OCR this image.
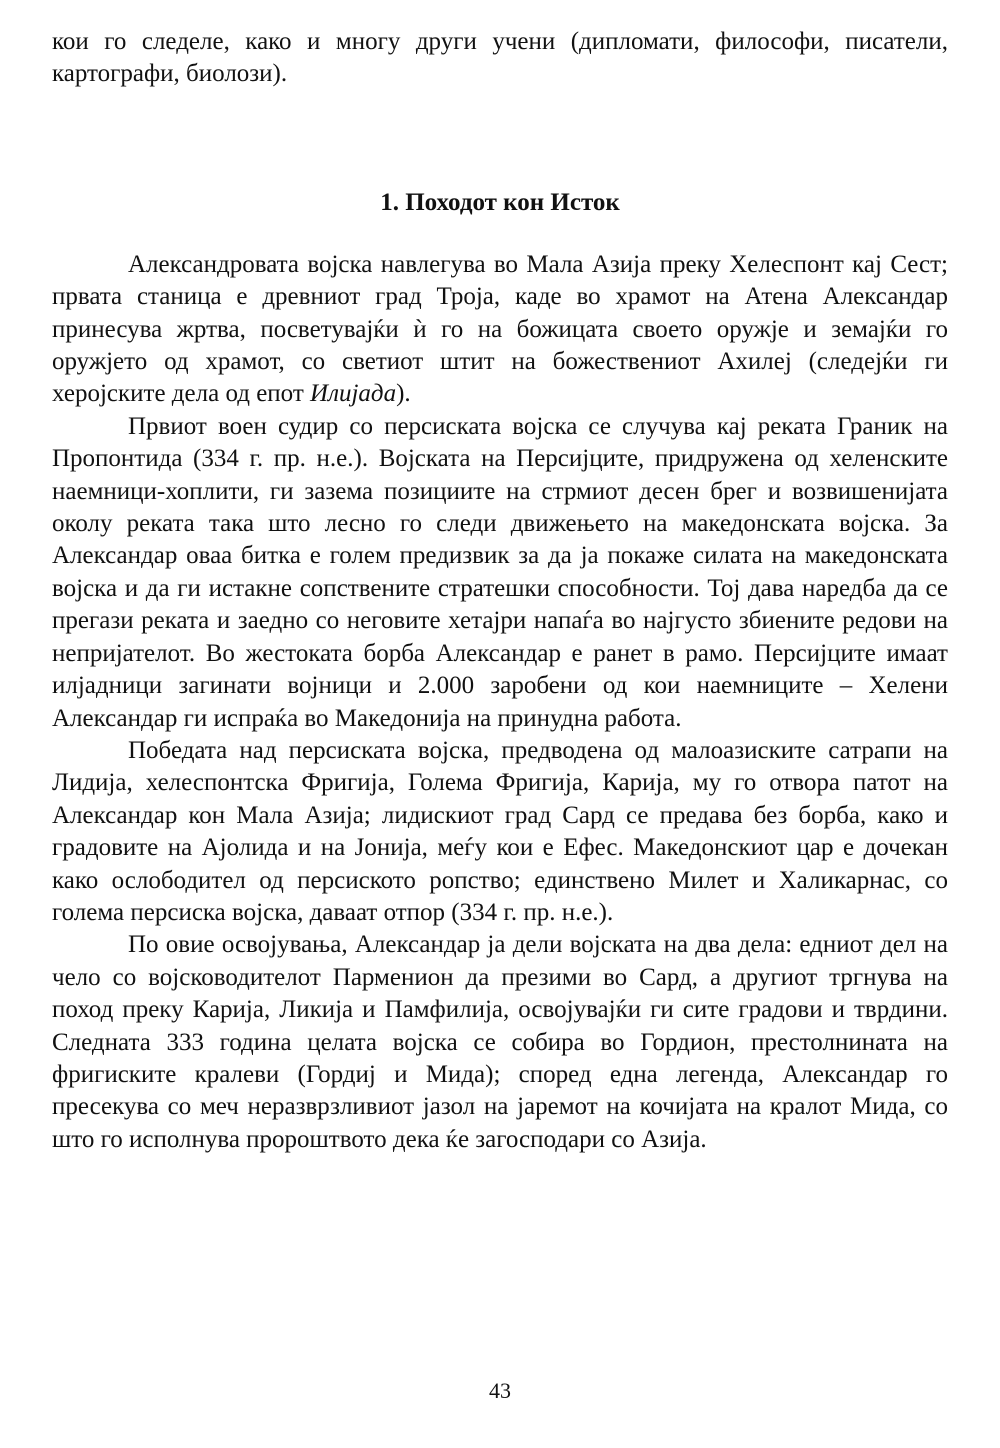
кои го следеле, како и многу други учени (дипломати, философи, писатели, картографи, биолози).

1. Походот кон Исток

Александровата војска навлегува во Мала Азија преку Хелеспонт кај Сест; првата станица е древниот град Троја, каде во храмот на Атена Александар принесува жртва, посветувајќи ѝ го на божицата своето оружје и земајќи го оружјето од храмот, со светиот штит на божествениот Ахилеј (следејќи ги херојските дела од епот Илијада).

Првиот воен судир со персиската војска се случува кај реката Граник на Пропонтида (334 г. пр. н.е.). Војската на Персијците, придружена од хеленските наемници-хоплити, ги зазема позициите на стрмиот десен брег и возвишенијата околу реката така што лесно го следи движењето на македонската војска. За Александар оваа битка е голем предизвик за да ја покаже силата на македонската војска и да ги истакне сопствените стратешки способности. Тој дава наредба да се прегази реката и заедно со неговите хетајри напаѓа во најгусто збиените редови на непријателот. Во жестоката борба Александар е ранет в рамо. Персијците имаат илјадници загинати војници и 2.000 заробени од кои наемниците – Хелени Александар ги испраќа во Македонија на принудна работа.

Победата над персиската војска, предводена од малоазиските сатрапи на Лидија, хелеспонтска Фригија, Голема Фригија, Карија, му го отвора патот на Александар кон Мала Азија; лидискиот град Сард се предава без борба, како и градовите на Ајолида и на Јонија, меѓу кои е Ефес. Македонскиот цар е дочекан како ослободител од персиското ропство; единствено Милет и Халикарнас, со голема персиска војска, даваат отпор (334 г. пр. н.е.).

По овие освојувања, Александар ја дели војската на два дела: едниот дел на чело со војсководителот Парменион да презими во Сард, а другиот тргнува на поход преку Карија, Ликија и Памфилија, освојувајќи ги сите градови и тврдини. Следната 333 година целата војска се собира во Гордион, престолнината на фригиските кралеви (Гордиј и Мида); според една легенда, Александар го пресекува со меч неразврзливиот јазол на јаремот на кочијата на кралот Мида, со што го исполнува пророштвото дека ќе загосподари со Азија.

43
